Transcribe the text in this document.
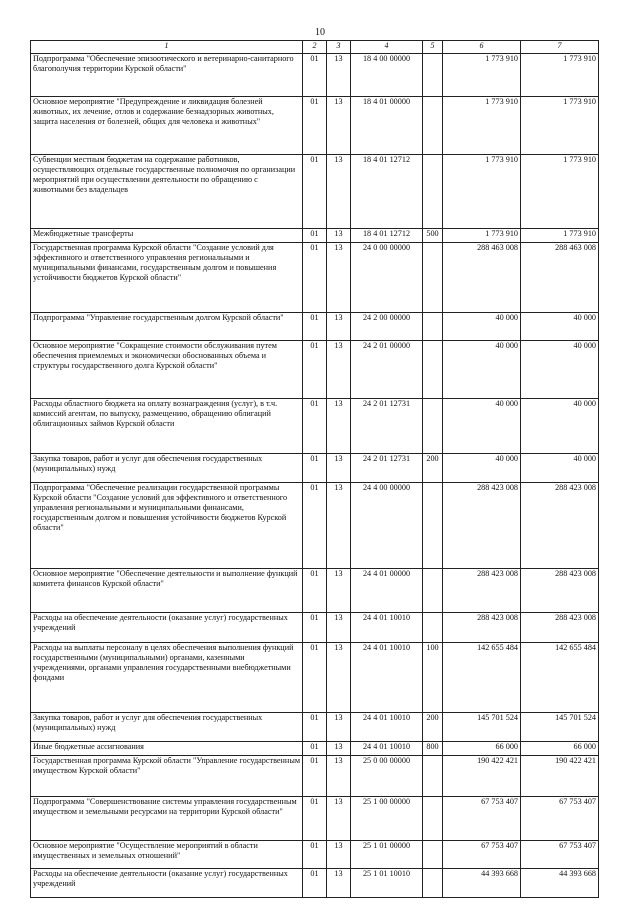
10
1	2	3	4	5	6	7
Подпрограмма "Обеспечение эпизоотического и ветеринарно-санитарного благополучия территории Курской области"	01	13	18 4 00 00000		1 773 910	1 773 910
Основное мероприятие "Предупреждение и ликвидация болезней животных, их лечение, отлов и содержание безнадзорных животных, защита населения от болезней, общих для человека и животных"	01	13	18 4 01 00000		1 773 910	1 773 910
Субвенции местным бюджетам на содержание работников, осуществляющих отдельные государственные полномочия по организации мероприятий при осуществлении деятельности по обращению с животными без владельцев	01	13	18 4 01 12712		1 773 910	1 773 910
Межбюджетные трансферты	01	13	18 4 01 12712	500	1 773 910	1 773 910
Государственная программа Курской области "Создание условий для эффективного и ответственного управления региональными и муниципальными финансами, государственным долгом и повышения устойчивости бюджетов Курской области"	01	13	24 0 00 00000		288 463 008	288 463 008
Подпрограмма "Управление государственным долгом Курской области"	01	13	24 2 00 00000		40 000	40 000
Основное мероприятие "Сокращение стоимости обслуживания путем обеспечения приемлемых и экономически обоснованных объема и структуры государственного долга Курской области"	01	13	24 2 01 00000		40 000	40 000
Расходы областного бюджета на оплату вознаграждения (услуг), в т.ч. комиссий агентам, по выпуску, размещению, обращению облигаций облигационных займов Курской области	01	13	24 2 01 12731		40 000	40 000
Закупка товаров, работ и услуг для обеспечения государственных (муниципальных) нужд	01	13	24 2 01 12731	200	40 000	40 000
Подпрограмма "Обеспечение реализации государственной программы Курской области "Создание условий для эффективного и ответственного управления региональными и муниципальными финансами, государственным долгом и повышения устойчивости бюджетов Курской области"	01	13	24 4 00 00000		288 423 008	288 423 008
Основное мероприятие "Обеспечение деятельности и выполнение функций комитета финансов Курской области"	01	13	24 4 01 00000		288 423 008	288 423 008
Расходы на обеспечение деятельности (оказание услуг) государственных учреждений	01	13	24 4 01 10010		288 423 008	288 423 008
Расходы на выплаты персоналу в целях обеспечения выполнения функций государственными (муниципальными) органами, казенными учреждениями, органами управления государственными внебюджетными фондами	01	13	24 4 01 10010	100	142 655 484	142 655 484
Закупка товаров, работ и услуг для обеспечения государственных (муниципальных) нужд	01	13	24 4 01 10010	200	145 701 524	145 701 524
Иные бюджетные ассигнования	01	13	24 4 01 10010	800	66 000	66 000
Государственная программа Курской области "Управление государственным имуществом Курской области"	01	13	25 0 00 00000		190 422 421	190 422 421
Подпрограмма "Совершенствование системы управления государственным имуществом и земельными ресурсами на территории Курской области"	01	13	25 1 00 00000		67 753 407	67 753 407
Основное мероприятие "Осуществление мероприятий в области имущественных и земельных отношений"	01	13	25 1 01 00000		67 753 407	67 753 407
Расходы на обеспечение деятельности (оказание услуг) государственных учреждений	01	13	25 1 01 10010		44 393 668	44 393 668
